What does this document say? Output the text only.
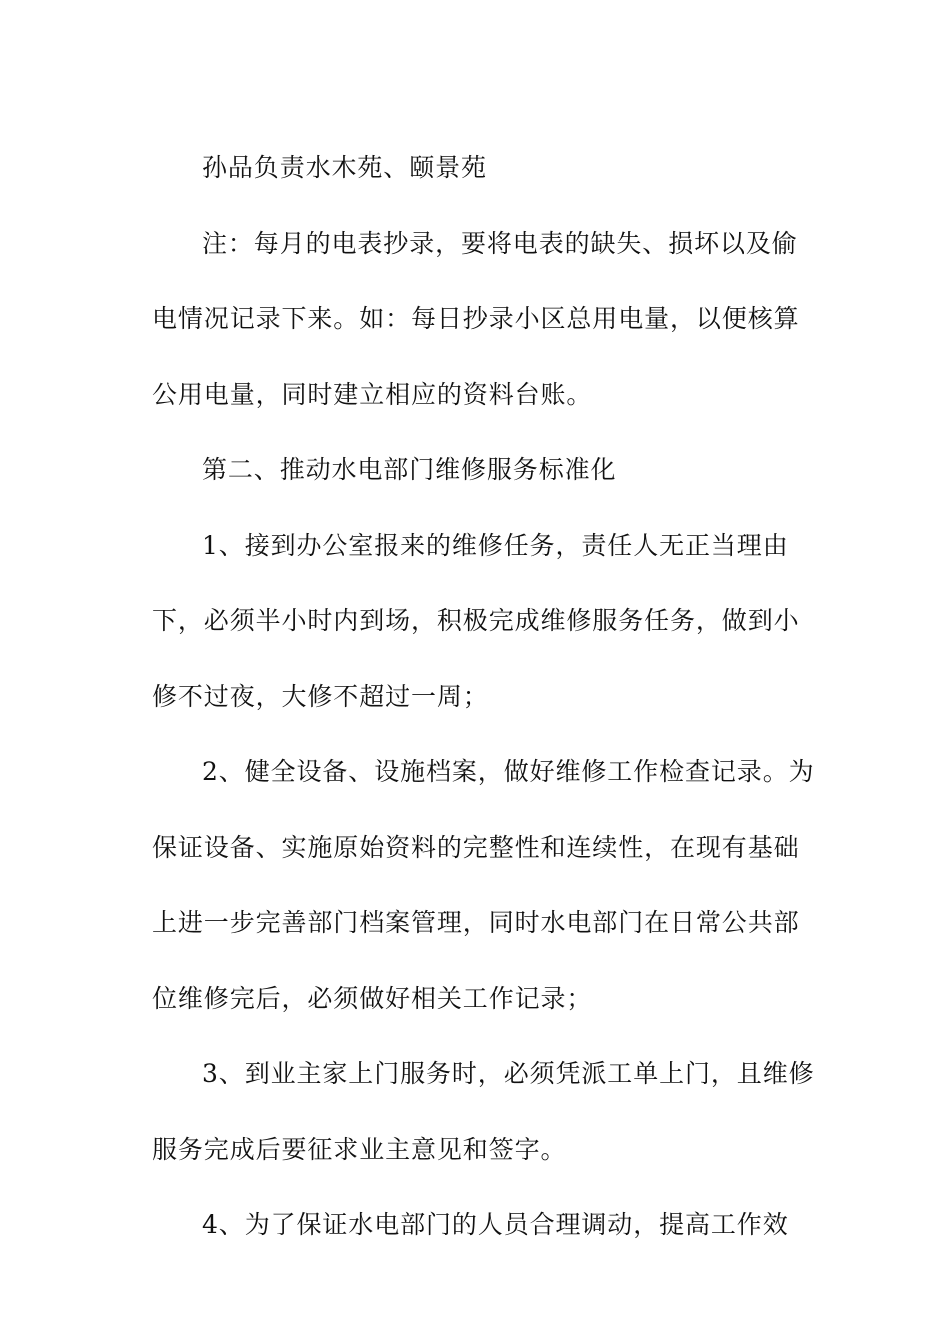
孙品负责水木苑、颐景苑

注：每月的电表抄录，要将电表的缺失、损坏以及偷
电情况记录下来。如：每日抄录小区总用电量，以便核算
公用电量，同时建立相应的资料台账。

第二、推动水电部门维修服务标准化

1、接到办公室报来的维修任务，责任人无正当理由
下，必须半小时内到场，积极完成维修服务任务，做到小
修不过夜，大修不超过一周；

2、健全设备、设施档案，做好维修工作检查记录。为
保证设备、实施原始资料的完整性和连续性，在现有基础
上进一步完善部门档案管理，同时水电部门在日常公共部
位维修完后，必须做好相关工作记录；

3、到业主家上门服务时，必须凭派工单上门，且维修
服务完成后要征求业主意见和签字。

4、为了保证水电部门的人员合理调动，提高工作效
